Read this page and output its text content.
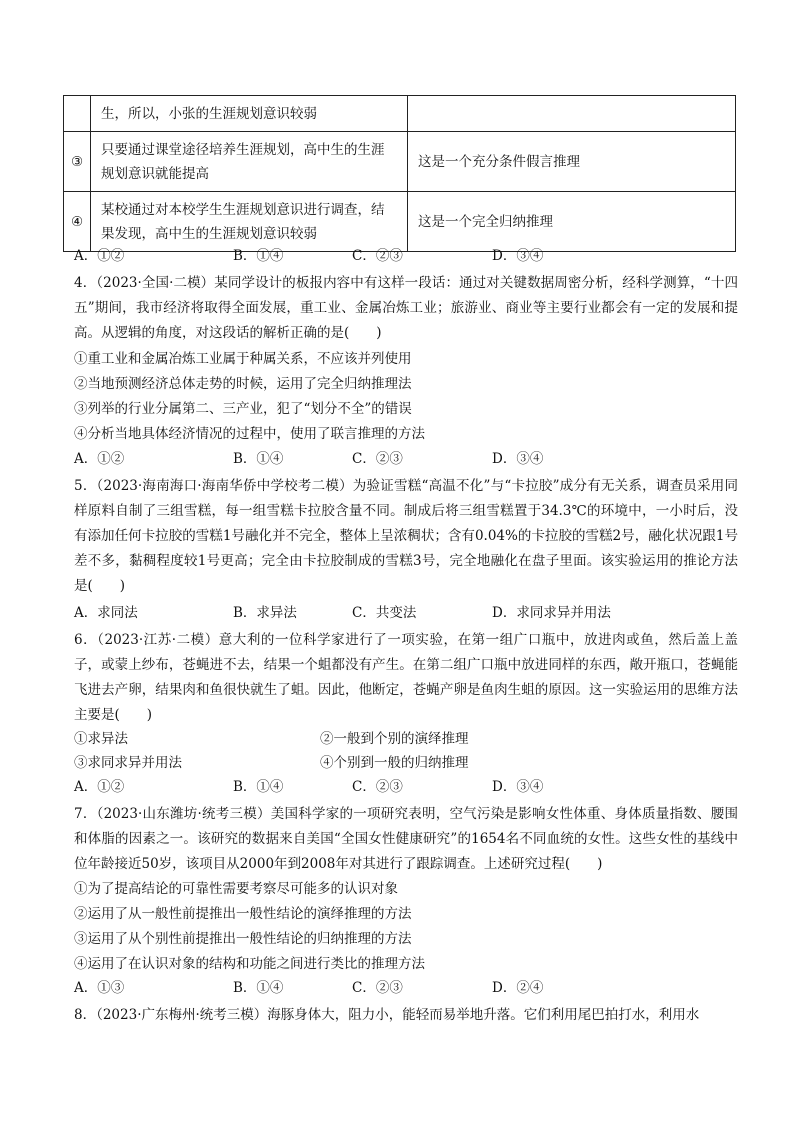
	生，所以，小张的生涯规划意识较弱	
③	只要通过课堂途径培养生涯规划，高中生的生涯规划意识就能提高	这是一个充分条件假言推理
④	某校通过对本校学生生涯规划意识进行调查，结果发现，高中生的生涯规划意识较弱	这是一个完全归纳推理
A．①②	B．①④	C．②③	D．③④

4．（2023·全国·二模）某同学设计的板报内容中有这样一段话：通过对关键数据周密分析，经科学测算，“十四五”期间，我市经济将取得全面发展，重工业、金属冶炼工业；旅游业、商业等主要行业都会有一定的发展和提高。从逻辑的角度，对这段话的解析正确的是(　　)

①重工业和金属冶炼工业属于种属关系，不应该并列使用
②当地预测经济总体走势的时候，运用了完全归纳推理法
③列举的行业分属第二、三产业，犯了“划分不全”的错误
④分析当地具体经济情况的过程中，使用了联言推理的方法
A．①②	B．①④	C．②③	D．③④

5．（2023·海南海口·海南华侨中学校考二模）为验证雪糕“高温不化”与“卡拉胶”成分有无关系，调查员采用同样原料自制了三组雪糕，每一组雪糕卡拉胶含量不同。制成后将三组雪糕置于34.3℃的环境中，一小时后，没有添加任何卡拉胶的雪糕1号融化并不完全，整体上呈浓稠状；含有0.04%的卡拉胶的雪糕2号，融化状况跟1号差不多，黏稠程度较1号更高；完全由卡拉胶制成的雪糕3号，完全地融化在盘子里面。该实验运用的推论方法是(　　)

A．求同法	B．求异法	C．共变法	D．求同求异并用法

6．（2023·江苏·二模）意大利的一位科学家进行了一项实验，在第一组广口瓶中，放进肉或鱼，然后盖上盖子，或蒙上纱布，苍蝇进不去，结果一个蛆都没有产生。在第二组广口瓶中放进同样的东西，敞开瓶口，苍蝇能飞进去产卵，结果肉和鱼很快就生了蛆。因此，他断定，苍蝇产卵是鱼肉生蛆的原因。这一实验运用的思维方法主要是(　　)

①求异法	②一般到个别的演绎推理
③求同求异并用法	④个别到一般的归纳推理
A．①②	B．①④	C．②③	D．③④

7．（2023·山东潍坊·统考三模）美国科学家的一项研究表明，空气污染是影响女性体重、身体质量指数、腰围和体脂的因素之一。该研究的数据来自美国“全国女性健康研究”的1654名不同血统的女性。这些女性的基线中位年龄接近50岁，该项目从2000年到2008年对其进行了跟踪调查。上述研究过程(　　)

①为了提高结论的可靠性需要考察尽可能多的认识对象
②运用了从一般性前提推出一般性结论的演绎推理的方法
③运用了从个别性前提推出一般性结论的归纳推理的方法
④运用了在认识对象的结构和功能之间进行类比的推理方法
A．①③	B．①④	C．②③	D．②④

8．（2023·广东梅州·统考三模）海豚身体大，阻力小，能轻而易举地升落。它们利用尾巴拍打水，利用水
